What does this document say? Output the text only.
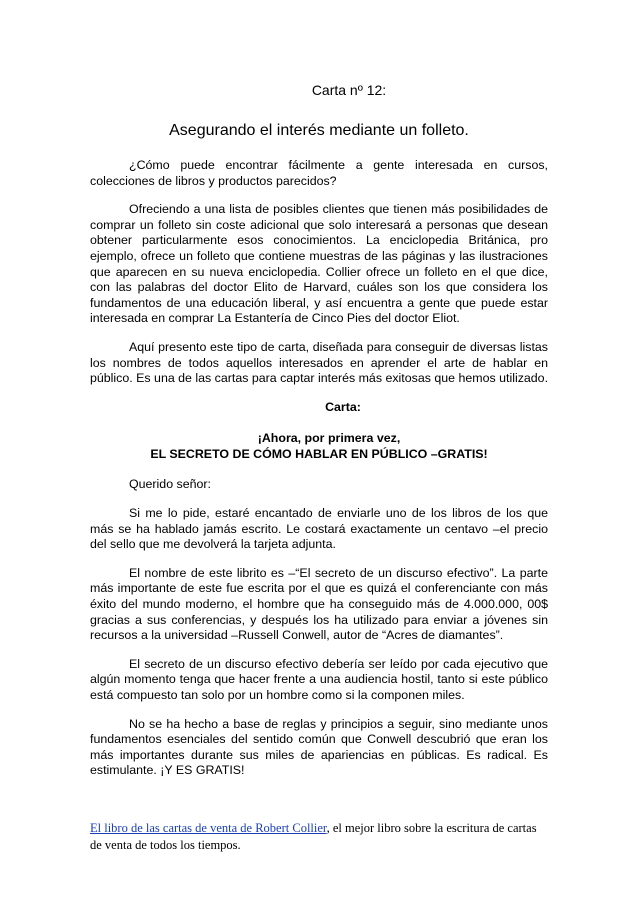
Carta nº 12:

Asegurando el interés mediante un folleto.

¿Cómo puede encontrar fácilmente a gente interesada en cursos, colecciones de libros y productos parecidos?

Ofreciendo a una lista de posibles clientes que tienen más posibilidades de comprar un folleto sin coste adicional que solo interesará a personas que desean obtener particularmente esos conocimientos. La enciclopedia Británica, pro ejemplo, ofrece un folleto que contiene muestras de las páginas y las ilustraciones que aparecen en su nueva enciclopedia. Collier ofrece un folleto en el que dice, con las palabras del doctor Elito de Harvard, cuáles son los que considera los fundamentos de una educación liberal, y así encuentra a gente que puede estar interesada en comprar La Estantería de Cinco Pies del doctor Eliot.

Aquí presento este tipo de carta, diseñada para conseguir de diversas listas los nombres de todos aquellos interesados en aprender el arte de hablar en público. Es una de las cartas para captar interés más exitosas que hemos utilizado.

Carta:

¡Ahora, por primera vez,

EL SECRETO DE CÓMO HABLAR EN PÚBLICO –GRATIS!

Querido señor:

Si me lo pide, estaré encantado de enviarle uno de los libros de los que más se ha hablado jamás escrito. Le costará exactamente un centavo –el precio del sello que me devolverá la tarjeta adjunta.

El nombre de este librito es –“El secreto de un discurso efectivo”. La parte más importante de este fue escrita por el que es quizá el conferenciante con más éxito del mundo moderno, el hombre que ha conseguido más de 4.000.000, 00$ gracias a sus conferencias, y después los ha utilizado para enviar a jóvenes sin recursos a la universidad –Russell Conwell, autor de “Acres de diamantes”.

El secreto de un discurso efectivo debería ser leído por cada ejecutivo que algún momento tenga que hacer frente a una audiencia hostil, tanto si este público está compuesto tan solo por un hombre como si la componen miles.

No se ha hecho a base de reglas y principios a seguir, sino mediante unos fundamentos esenciales del sentido común que Conwell descubrió que eran los más importantes durante sus miles de apariencias en públicas. Es radical. Es estimulante. ¡Y ES GRATIS!

El libro de las cartas de venta de Robert Collier, el mejor libro sobre la escritura de cartas de venta de todos los tiempos.
